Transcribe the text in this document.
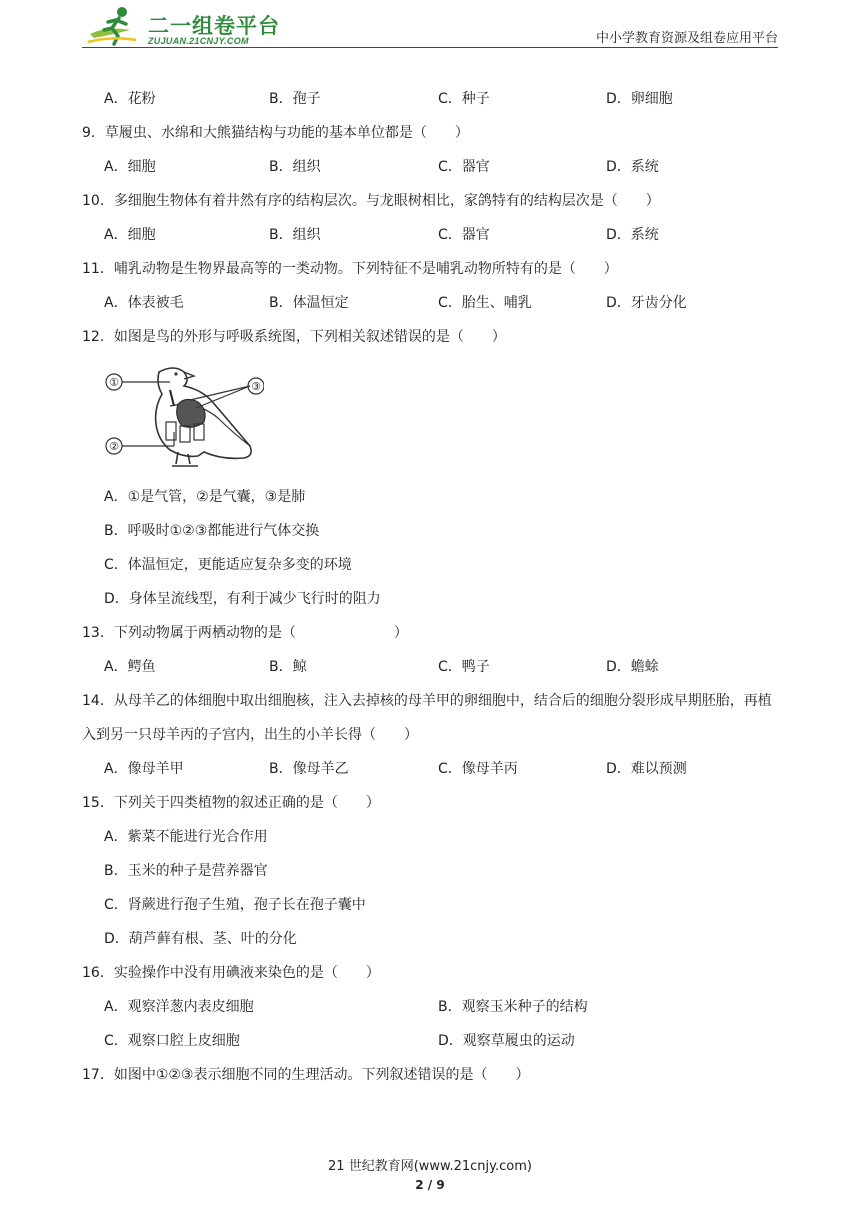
二一组卷平台
ZUJUAN.21CNJY.COM	中小学教育资源及组卷应用平台
A．花粉	B．孢子	C．种子	D．卵细胞
9．草履虫、水绵和大熊猫结构与功能的基本单位都是（　　）
A．细胞	B．组织	C．器官	D．系统
10．多细胞生物体有着井然有序的结构层次。与龙眼树相比，家鸽特有的结构层次是（　　）
A．细胞	B．组织	C．器官	D．系统
11．哺乳动物是生物界最高等的一类动物。下列特征不是哺乳动物所特有的是（　　）
A．体表被毛	B．体温恒定	C．胎生、哺乳	D．牙齿分化
12．如图是鸟的外形与呼吸系统图，下列相关叙述错误的是（　　）
①
②
③
A．①是气管，②是气囊，③是肺
B．呼吸时①②③都能进行气体交换
C．体温恒定，更能适应复杂多变的环境
D．身体呈流线型，有利于减少飞行时的阻力
13．下列动物属于两栖动物的是（　　　　　　　）
A．鳄鱼	B．鲸	C．鸭子	D．蟾蜍
14．从母羊乙的体细胞中取出细胞核，注入去掉核的母羊甲的卵细胞中，结合后的细胞分裂形成早期胚胎，再植入到另一只母羊丙的子宫内，出生的小羊长得（　　）
A．像母羊甲	B．像母羊乙	C．像母羊丙	D．难以预测
15．下列关于四类植物的叙述正确的是（　　）
A．紫菜不能进行光合作用
B．玉米的种子是营养器官
C．肾蕨进行孢子生殖，孢子长在孢子囊中
D．葫芦藓有根、茎、叶的分化
16．实验操作中没有用碘液来染色的是（　　）
A．观察洋葱内表皮细胞	B．观察玉米种子的结构
C．观察口腔上皮细胞	D．观察草履虫的运动
17．如图中①②③表示细胞不同的生理活动。下列叙述错误的是（　　）
21 世纪教育网(www.21cnjy.com)
2 / 9
